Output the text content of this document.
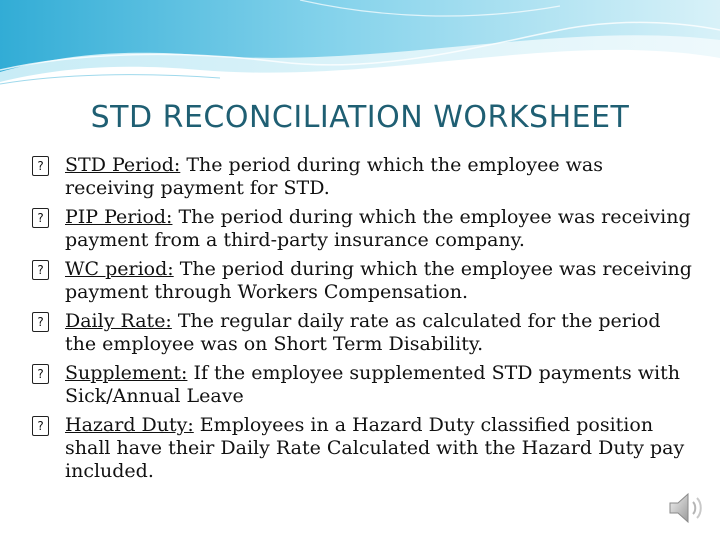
STD RECONCILIATION WORKSHEET
? STD Period: The period during which the employee was receiving payment for STD.
? PIP Period: The period during which the employee was receiving payment from a third-party insurance company.
? WC period: The period during which the employee was receiving payment through Workers Compensation.
? Daily Rate: The regular daily rate as calculated for the period the employee was on Short Term Disability.
? Supplement: If the employee supplemented STD payments with Sick/Annual Leave
? Hazard Duty: Employees in a Hazard Duty classified position shall have their Daily Rate Calculated with the Hazard Duty pay included.
